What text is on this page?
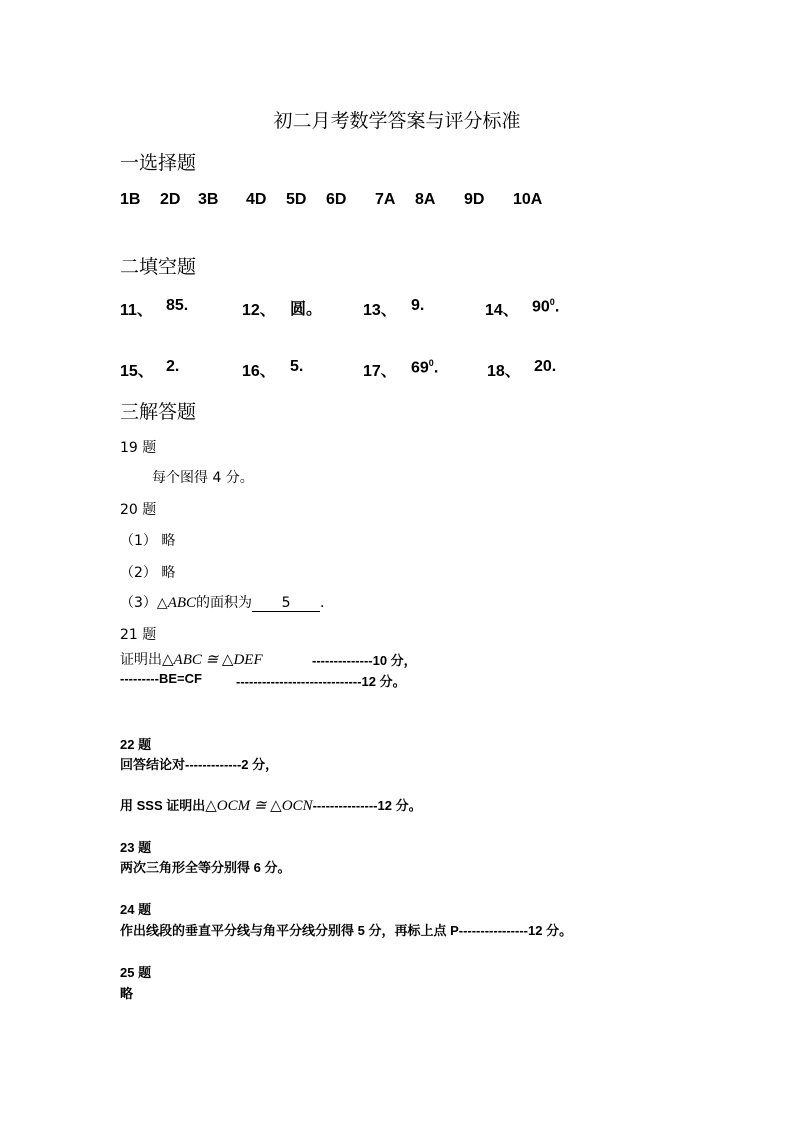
初二月考数学答案与评分标准
一选择题
1B 2D 3B 4D 5D 6D 7A 8A 9D 10A
二填空题
11、 85.	12、 圆。	13、 9.	14、 $90^0$.
15、 2.	16、 5.	17、 $69^0$.	18、 20.
三解答题
19 题
每个图得 4 分。
20 题
（1） 略
（2） 略
（3）△ABC的面积为 5 .
21 题
证明出△ABC ≅ △DEF	--------------10 分，
---------BE=CF	-----------------------------12 分。
22 题
回答结论对-------------2 分，
用 SSS 证明出△OCM ≅ △OCN---------------12 分。
23 题
两次三角形全等分别得 6 分。
24 题
作出线段的垂直平分线与角平分线分别得 5 分，再标上点 P----------------12 分。
25 题
略
